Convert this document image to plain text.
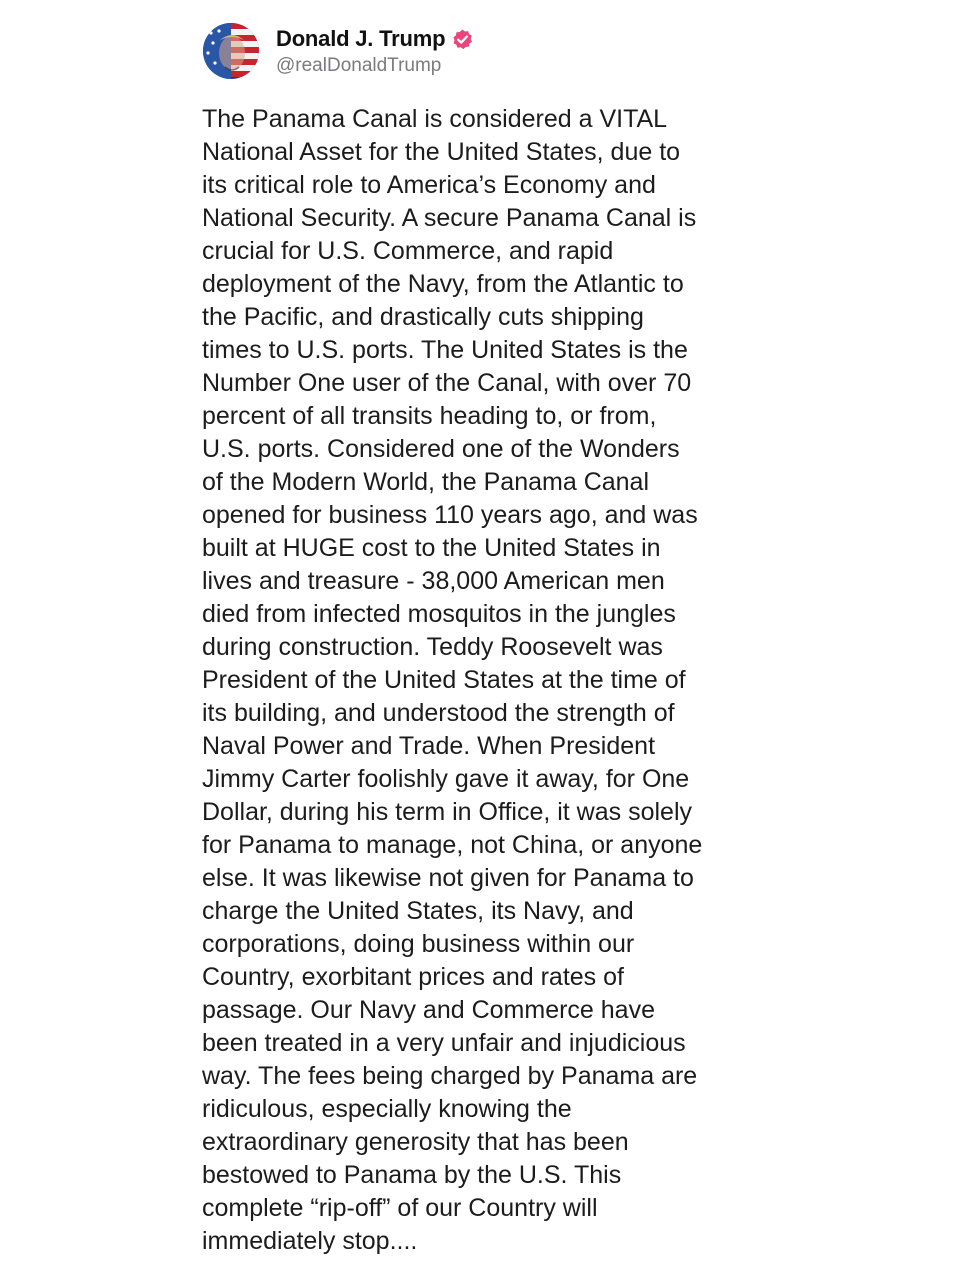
Donald J. Trump
@realDonaldTrump
The Panama Canal is considered a VITAL
National Asset for the United States, due to
its critical role to America’s Economy and
National Security. A secure Panama Canal is
crucial for U.S. Commerce, and rapid
deployment of the Navy, from the Atlantic to
the Pacific, and drastically cuts shipping
times to U.S. ports. The United States is the
Number One user of the Canal, with over 70
percent of all transits heading to, or from,
U.S. ports. Considered one of the Wonders
of the Modern World, the Panama Canal
opened for business 110 years ago, and was
built at HUGE cost to the United States in
lives and treasure - 38,000 American men
died from infected mosquitos in the jungles
during construction. Teddy Roosevelt was
President of the United States at the time of
its building, and understood the strength of
Naval Power and Trade. When President
Jimmy Carter foolishly gave it away, for One
Dollar, during his term in Office, it was solely
for Panama to manage, not China, or anyone
else. It was likewise not given for Panama to
charge the United States, its Navy, and
corporations, doing business within our
Country, exorbitant prices and rates of
passage. Our Navy and Commerce have
been treated in a very unfair and injudicious
way. The fees being charged by Panama are
ridiculous, especially knowing the
extraordinary generosity that has been
bestowed to Panama by the U.S. This
complete “rip-off” of our Country will
immediately stop....
